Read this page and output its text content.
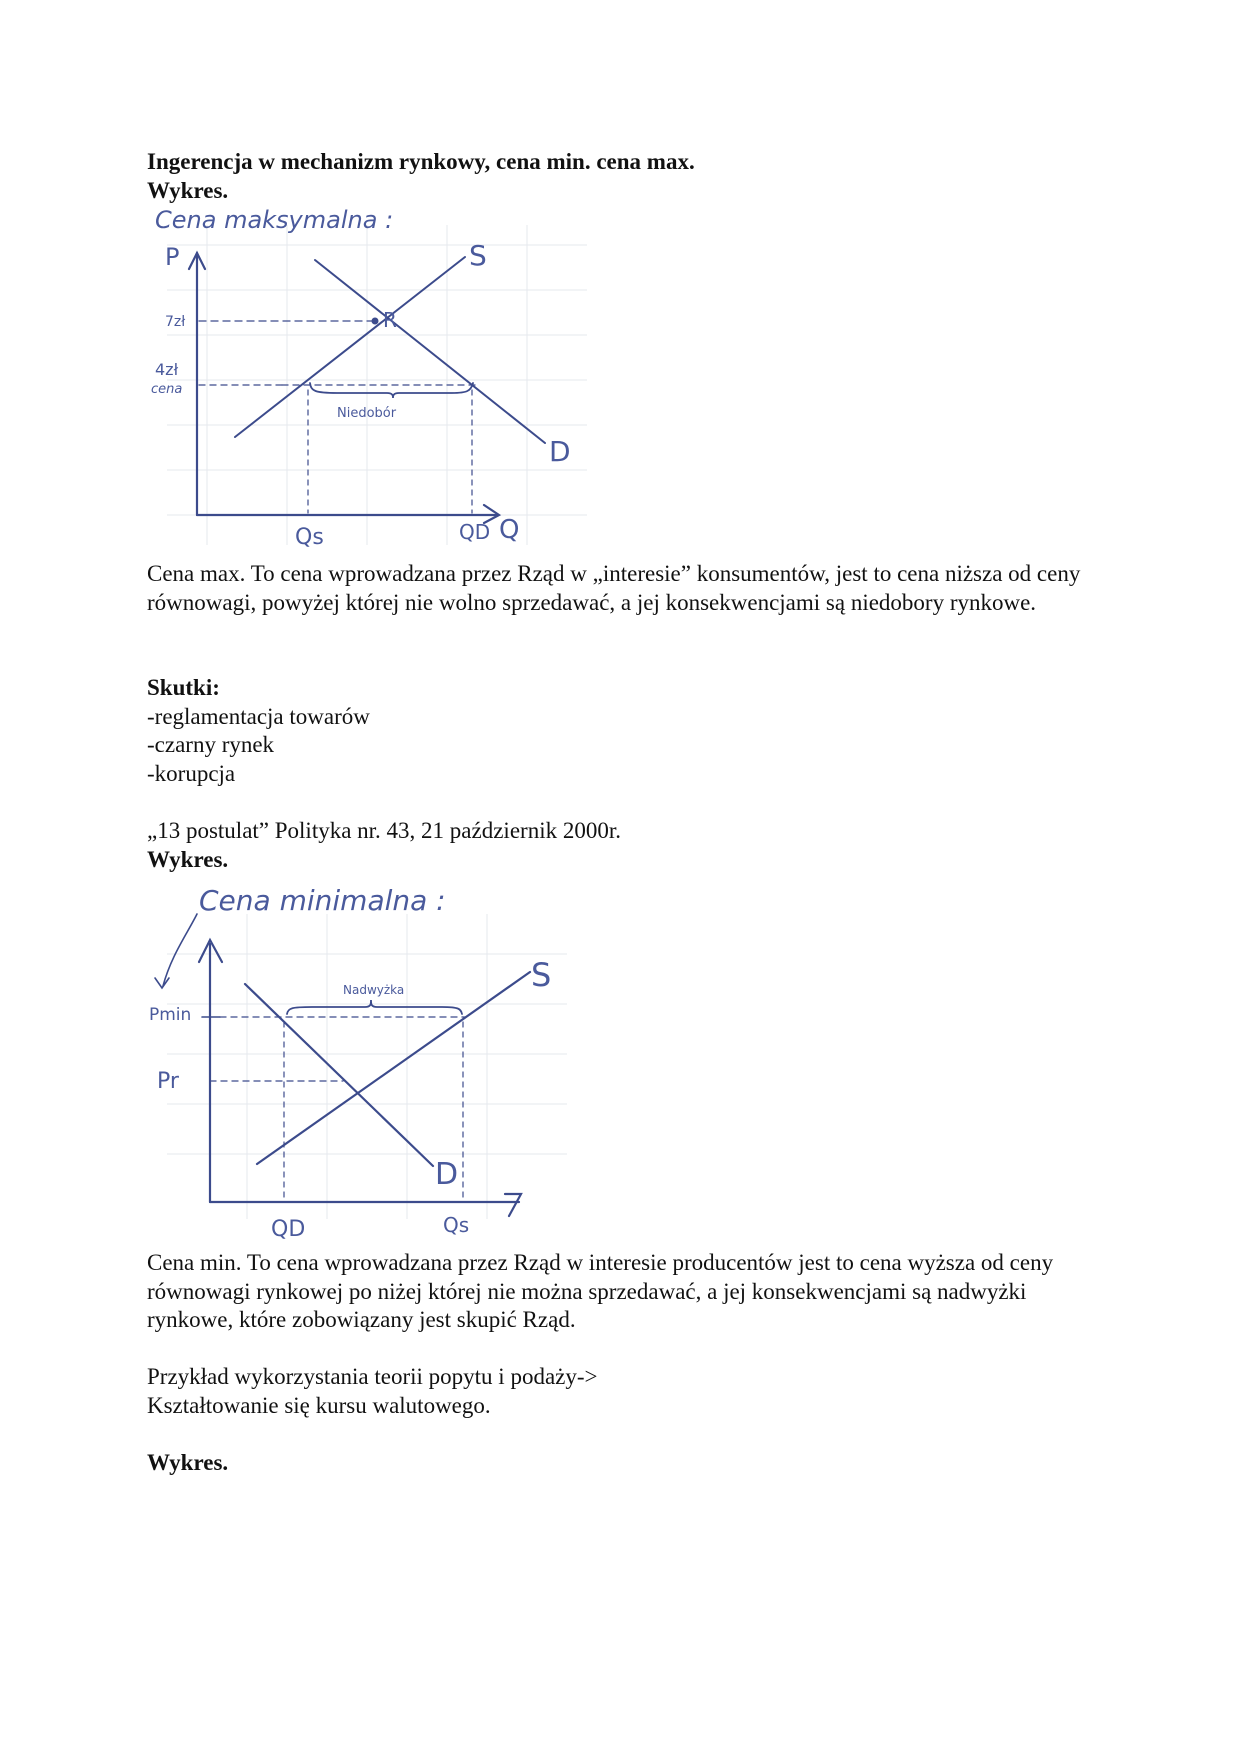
Ingerencja w mechanizm rynkowy, cena min. cena max.

Wykres.

Cena maksymalna :
P
Q
S
D
R
7zł
4zł
cena
Niedobór
Qs	QD

Cena max. To cena wprowadzana przez Rząd w „interesie” konsumentów, jest to cena niższa od ceny równowagi, powyżej której nie wolno sprzedawać, a jej konsekwencjami są niedobory rynkowe.

Skutki:

-reglamentacja towarów

-czarny rynek

-korupcja

„13 postulat” Polityka nr. 43, 21 październik 2000r.

Wykres.

Cena minimalna :
S
D
Pmin
Nadwyżka
Pr
QD	Qs

Cena min. To cena wprowadzana przez Rząd w interesie producentów jest to cena wyższa od ceny równowagi rynkowej po niżej której nie można sprzedawać, a jej konsekwencjami są nadwyżki rynkowe, które zobowiązany jest skupić Rząd.

Przykład wykorzystania teorii popytu i podaży->

Kształtowanie się kursu walutowego.

Wykres.
